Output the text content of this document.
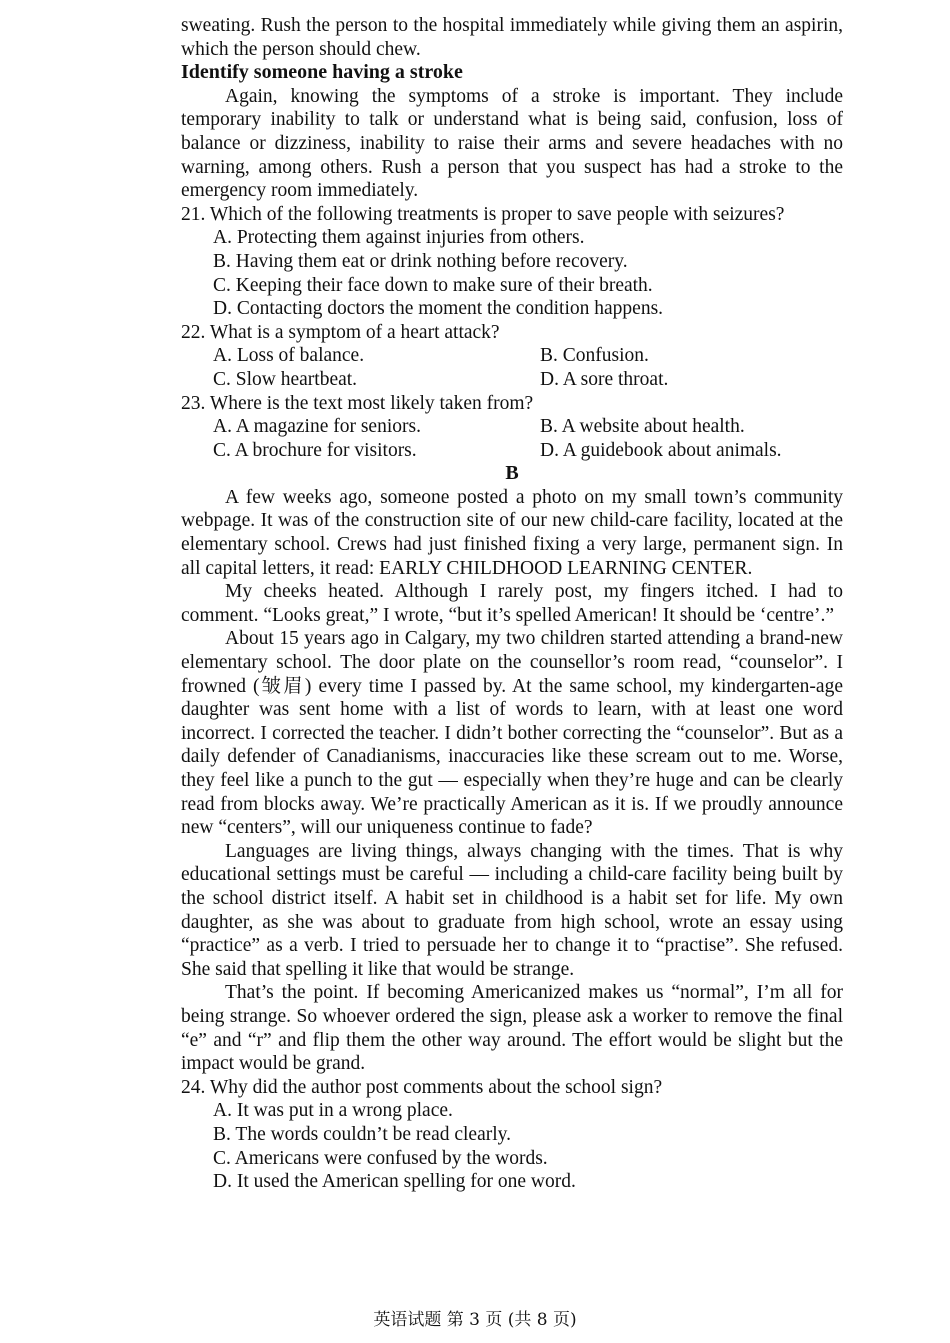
sweating. Rush the person to the hospital immediately while giving them an aspirin, which the person should chew.

Identify someone having a stroke

Again, knowing the symptoms of a stroke is important. They include temporary inability to talk or understand what is being said, confusion, loss of balance or dizziness, inability to raise their arms and severe headaches with no warning, among others. Rush a person that you suspect has had a stroke to the emergency room immediately.

21. Which of the following treatments is proper to save people with seizures?

A. Protecting them against injuries from others.

B. Having them eat or drink nothing before recovery.

C. Keeping their face down to make sure of their breath.

D. Contacting doctors the moment the condition happens.

22. What is a symptom of a heart attack?

A. Loss of balance.	B. Confusion.

C. Slow heartbeat.	D. A sore throat.

23. Where is the text most likely taken from?

A. A magazine for seniors.	B. A website about health.

C. A brochure for visitors.	D. A guidebook about animals.

B

A few weeks ago, someone posted a photo on my small town’s community webpage. It was of the construction site of our new child-care facility, located at the elementary school. Crews had just finished fixing a very large, permanent sign. In all capital letters, it read: EARLY CHILDHOOD LEARNING CENTER.

My cheeks heated. Although I rarely post, my fingers itched. I had to comment. “Looks great,” I wrote, “but it’s spelled American! It should be ‘centre’.”

About 15 years ago in Calgary, my two children started attending a brand-new elementary school. The door plate on the counsellor’s room read, “counselor”. I frowned (皱眉) every time I passed by. At the same school, my kindergarten-age daughter was sent home with a list of words to learn, with at least one word incorrect. I corrected the teacher. I didn’t bother correcting the “counselor”. But as a daily defender of Canadianisms, inaccuracies like these scream out to me. Worse, they feel like a punch to the gut — especially when they’re huge and can be clearly read from blocks away. We’re practically American as it is. If we proudly announce new “centers”, will our uniqueness continue to fade?

Languages are living things, always changing with the times. That is why educational settings must be careful — including a child-care facility being built by the school district itself. A habit set in childhood is a habit set for life. My own daughter, as she was about to graduate from high school, wrote an essay using “practice” as a verb. I tried to persuade her to change it to “practise”. She refused. She said that spelling it like that would be strange.

That’s the point. If becoming Americanized makes us “normal”, I’m all for being strange. So whoever ordered the sign, please ask a worker to remove the final “e” and “r” and flip them the other way around. The effort would be slight but the impact would be grand.

24. Why did the author post comments about the school sign?

A. It was put in a wrong place.

B. The words couldn’t be read clearly.

C. Americans were confused by the words.

D. It used the American spelling for one word.

英语试题 第 3 页 (共 8 页)
